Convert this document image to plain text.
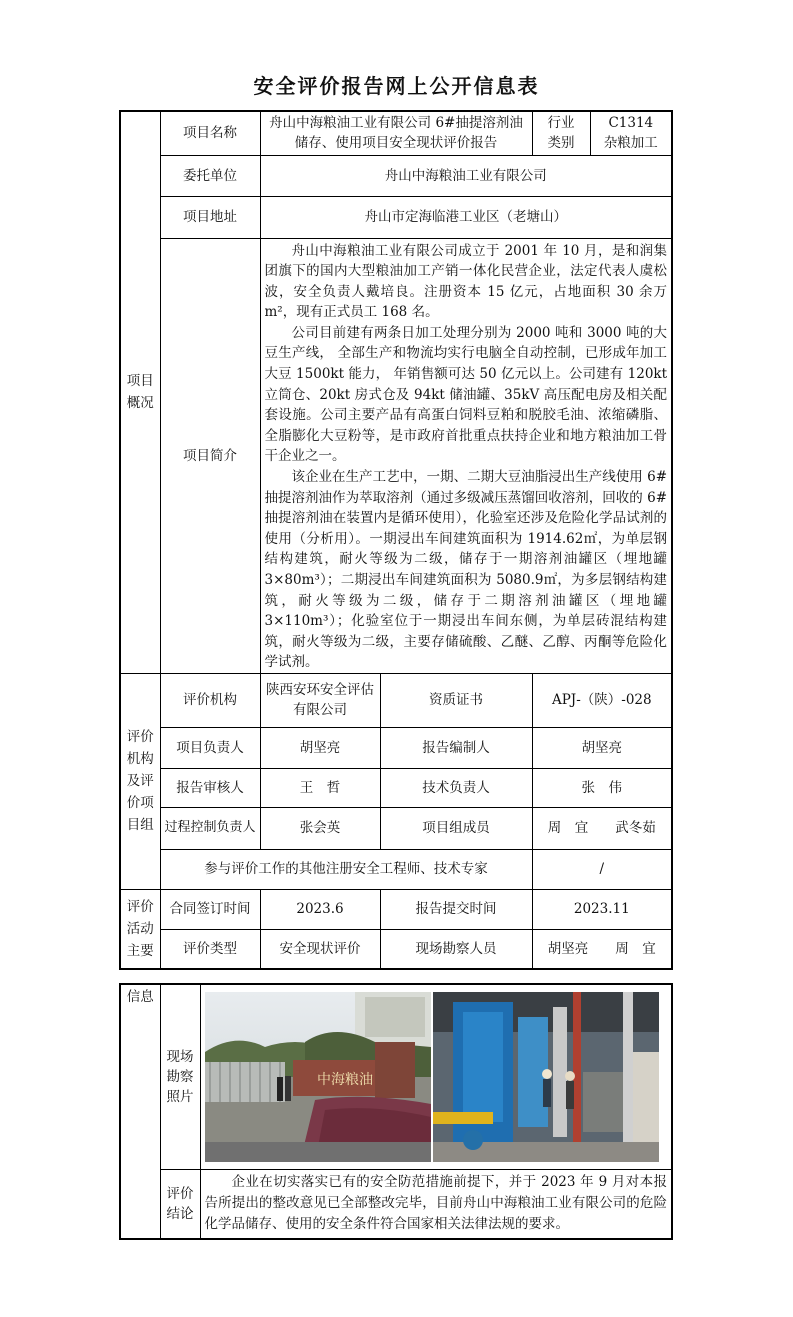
安全评价报告网上公开信息表
项目概况	项目名称	舟山中海粮油工业有限公司 6#抽提溶剂油储存、使用项目安全现状评价报告		行业类别	C1314
杂粮加工

	委托单位	舟山中海粮油工业有限公司			
	项目地址	舟山市定海临港工业区（老塘山）			
	项目简介	舟山中海粮油工业有限公司成立于 2001 年 10 月，是和润集团旗下的国内大型粮油加工产销一体化民营企业，法定代表人虞松波，安全负责人戴培良。注册资本 15 亿元，占地面积 30 余万 m²，现有正式员工 168 名。

公司目前建有两条日加工处理分别为 2000 吨和 3000 吨的大豆生产线， 全部生产和物流均实行电脑全自动控制，已形成年加工大豆 1500kt 能力， 年销售额可达 50 亿元以上。公司建有 120kt 立筒仓、20kt 房式仓及 94kt 储油罐、35kV 高压配电房及相关配套设施。公司主要产品有高蛋白饲料豆粕和脱胶毛油、浓缩磷脂、全脂膨化大豆粉等，是市政府首批重点扶持企业和地方粮油加工骨干企业之一。

该企业在生产工艺中，一期、二期大豆油脂浸出生产线使用 6#抽提溶剂油作为萃取溶剂（通过多级减压蒸馏回收溶剂，回收的 6#抽提溶剂油在装置内是循环使用），化验室还涉及危险化学品试剂的使用（分析用）。一期浸出车间建筑面积为 1914.62㎡，为单层钢结构建筑，耐火等级为二级，储存于一期溶剂油罐区（埋地罐 3×80m³）；二期浸出车间建筑面积为 5080.9㎡，为多层钢结构建筑，耐火等级为二级，储存于二期溶剂油罐区（埋地罐 3×110m³）；化验室位于一期浸出车间东侧，为单层砖混结构建筑，耐火等级为二级，主要存储硫酸、乙醚、乙醇、丙酮等危险化学试剂。			

评价机构及评价项目组	评价机构	陕西安环安全评估有限公司	资质证书	APJ-（陕）-028	
	项目负责人	胡坚亮	报告编制人	胡坚亮	
	报告审核人	王　哲	技术负责人	张　伟	
	过程控制负责人	张会英	项目组成员	周　宜　　武冬茹	
	参与评价工作的其他注册安全工程师、技术专家			/	
评价活动主要	合同签订时间	2023.6	报告提交时间	2023.11	
	评价类型	安全现状评价	现场勘察人员	胡坚亮　　周　宜	
信息	现场勘察照片	中海粮油

	评价结论	企业在切实落实已有的安全防范措施前提下，并于 2023 年 9 月对本报告所提出的整改意见已全部整改完毕，目前舟山中海粮油工业有限公司的危险化学品储存、使用的安全条件符合国家相关法律法规的要求。
